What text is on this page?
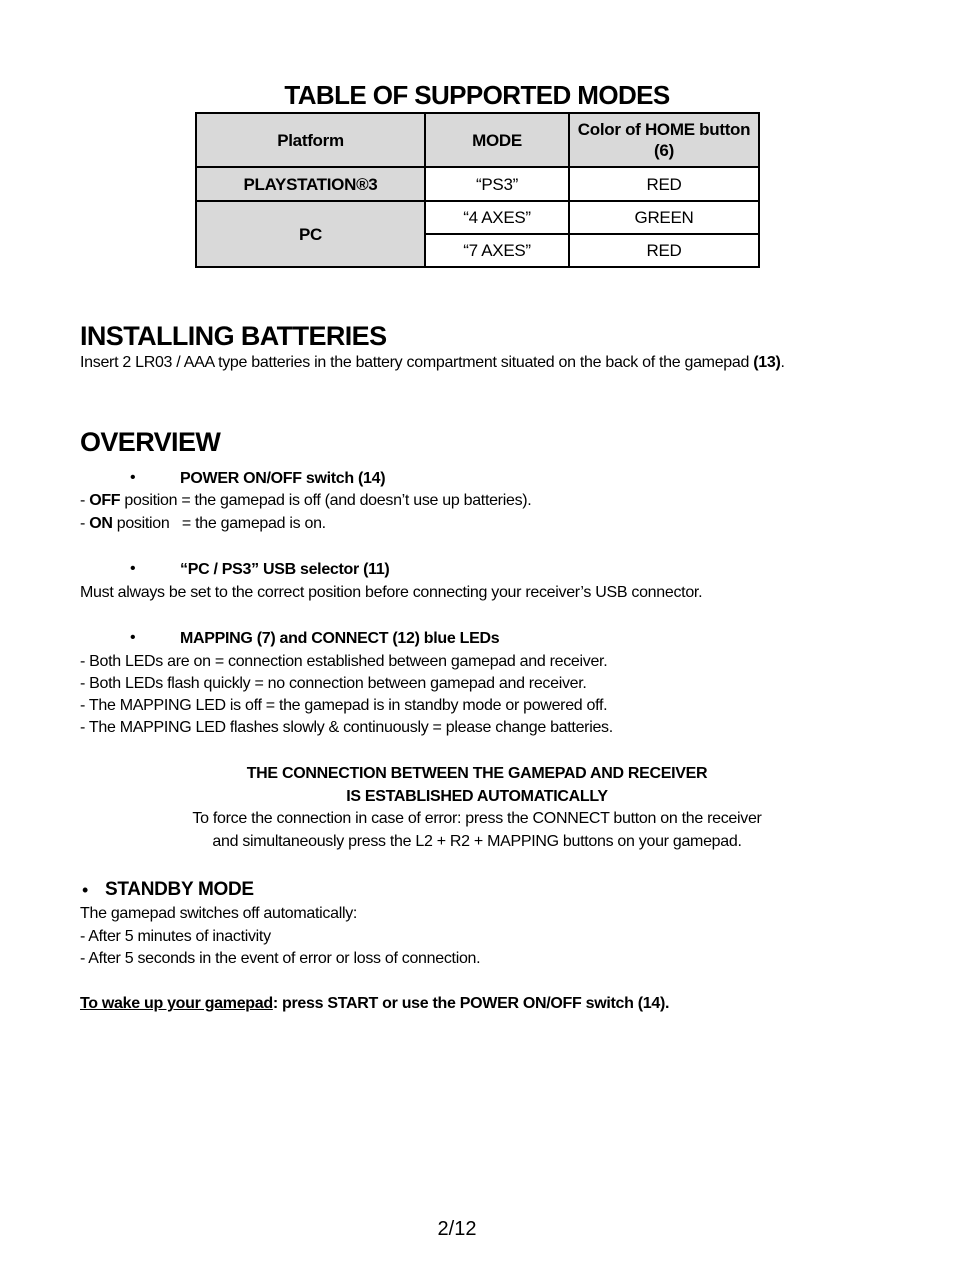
TABLE OF SUPPORTED MODES
Platform	MODE	Color of HOME button (6)
PLAYSTATION®3	“PS3”	RED
PC	“4 AXES”	GREEN
	“7 AXES”	RED
INSTALLING BATTERIES
Insert 2 LR03 / AAA type batteries in the battery compartment situated on the back of the gamepad (13).
OVERVIEW
•	POWER ON/OFF switch (14)
- OFF position = the gamepad is off (and doesn’t use up batteries).
- ON position   = the gamepad is on.
•	“PC / PS3” USB selector (11)
Must always be set to the correct position before connecting your receiver’s USB connector.
•	MAPPING (7) and CONNECT (12) blue LEDs
- Both LEDs are on = connection established between gamepad and receiver.
- Both LEDs flash quickly = no connection between gamepad and receiver.
- The MAPPING LED is off = the gamepad is in standby mode or powered off.
- The MAPPING LED flashes slowly & continuously = please change batteries.
THE CONNECTION BETWEEN THE GAMEPAD AND RECEIVER
IS ESTABLISHED AUTOMATICALLY
To force the connection in case of error: press the CONNECT button on the receiver
and simultaneously press the L2 + R2 + MAPPING buttons on your gamepad.
• STANDBY MODE
The gamepad switches off automatically:
- After 5 minutes of inactivity
- After 5 seconds in the event of error or loss of connection.
To wake up your gamepad: press START or use the POWER ON/OFF switch (14).
2/12
